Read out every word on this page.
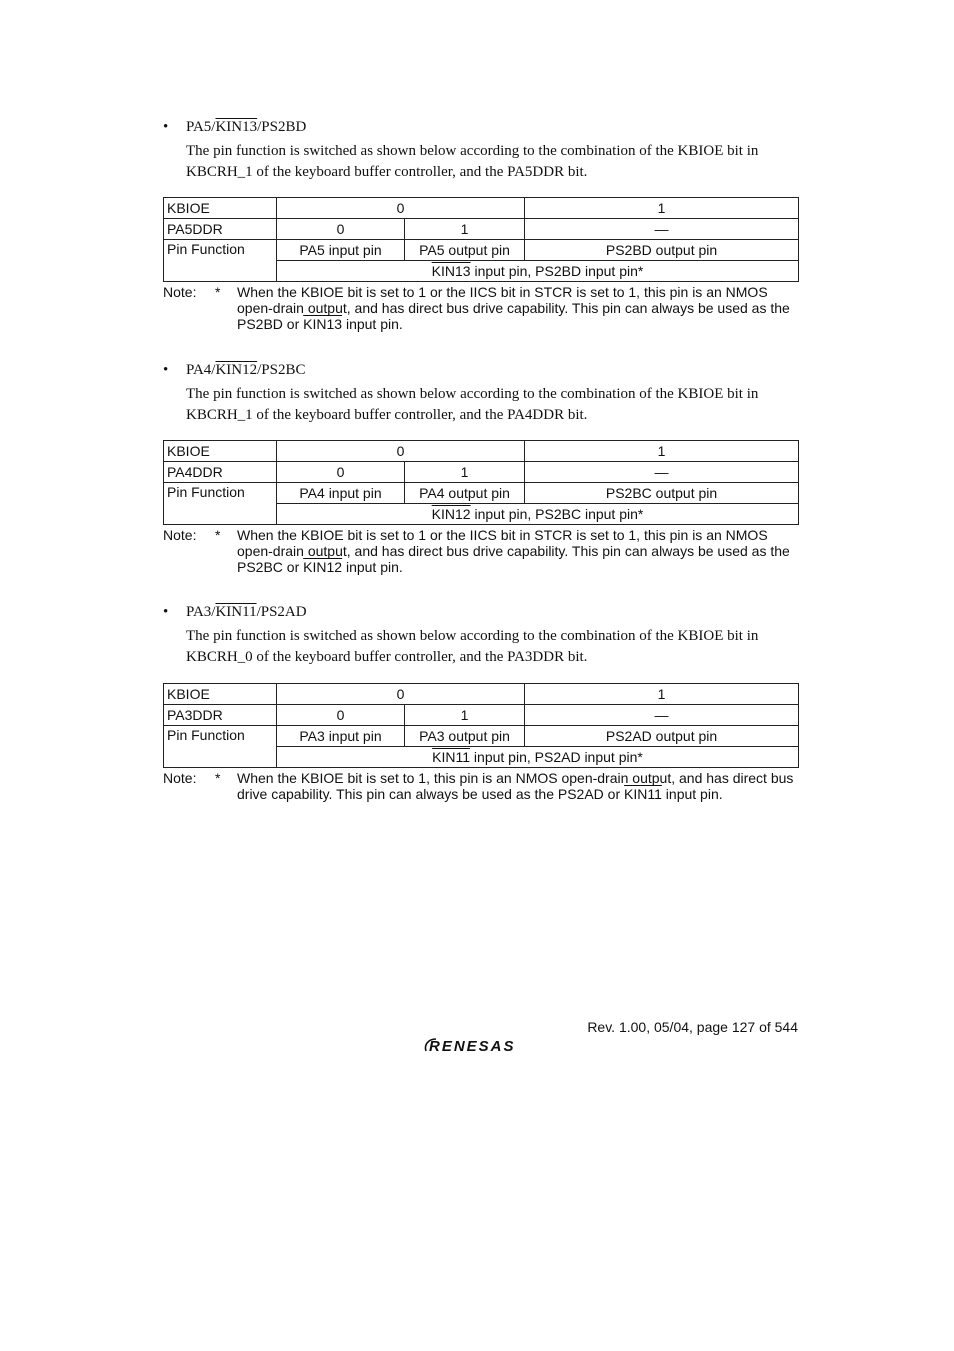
• PA5/KIN13/PS2BD
The pin function is switched as shown below according to the combination of the KBIOE bit in KBCRH_1 of the keyboard buffer controller, and the PA5DDR bit.
KBIOE	0		1
PA5DDR	0	1	—
Pin Function	PA5 input pin	PA5 output pin	PS2BD output pin
	KIN13 input pin, PS2BD input pin*		
Note: * When the KBIOE bit is set to 1 or the IICS bit in STCR is set to 1, this pin is an NMOS open-drain output, and has direct bus drive capability. This pin can always be used as the PS2BD or KIN13 input pin.
• PA4/KIN12/PS2BC
The pin function is switched as shown below according to the combination of the KBIOE bit in KBCRH_1 of the keyboard buffer controller, and the PA4DDR bit.
KBIOE	0		1
PA4DDR	0	1	—
Pin Function	PA4 input pin	PA4 output pin	PS2BC output pin
	KIN12 input pin, PS2BC input pin*		
Note: * When the KBIOE bit is set to 1 or the IICS bit in STCR is set to 1, this pin is an NMOS open-drain output, and has direct bus drive capability. This pin can always be used as the PS2BC or KIN12 input pin.
• PA3/KIN11/PS2AD
The pin function is switched as shown below according to the combination of the KBIOE bit in KBCRH_0 of the keyboard buffer controller, and the PA3DDR bit.
KBIOE	0		1
PA3DDR	0	1	—
Pin Function	PA3 input pin	PA3 output pin	PS2AD output pin
	KIN11 input pin, PS2AD input pin*		
Note: * When the KBIOE bit is set to 1, this pin is an NMOS open-drain output, and has direct bus drive capability. This pin can always be used as the PS2AD or KIN11 input pin.
Rev. 1.00, 05/04, page 127 of 544
RENESAS
